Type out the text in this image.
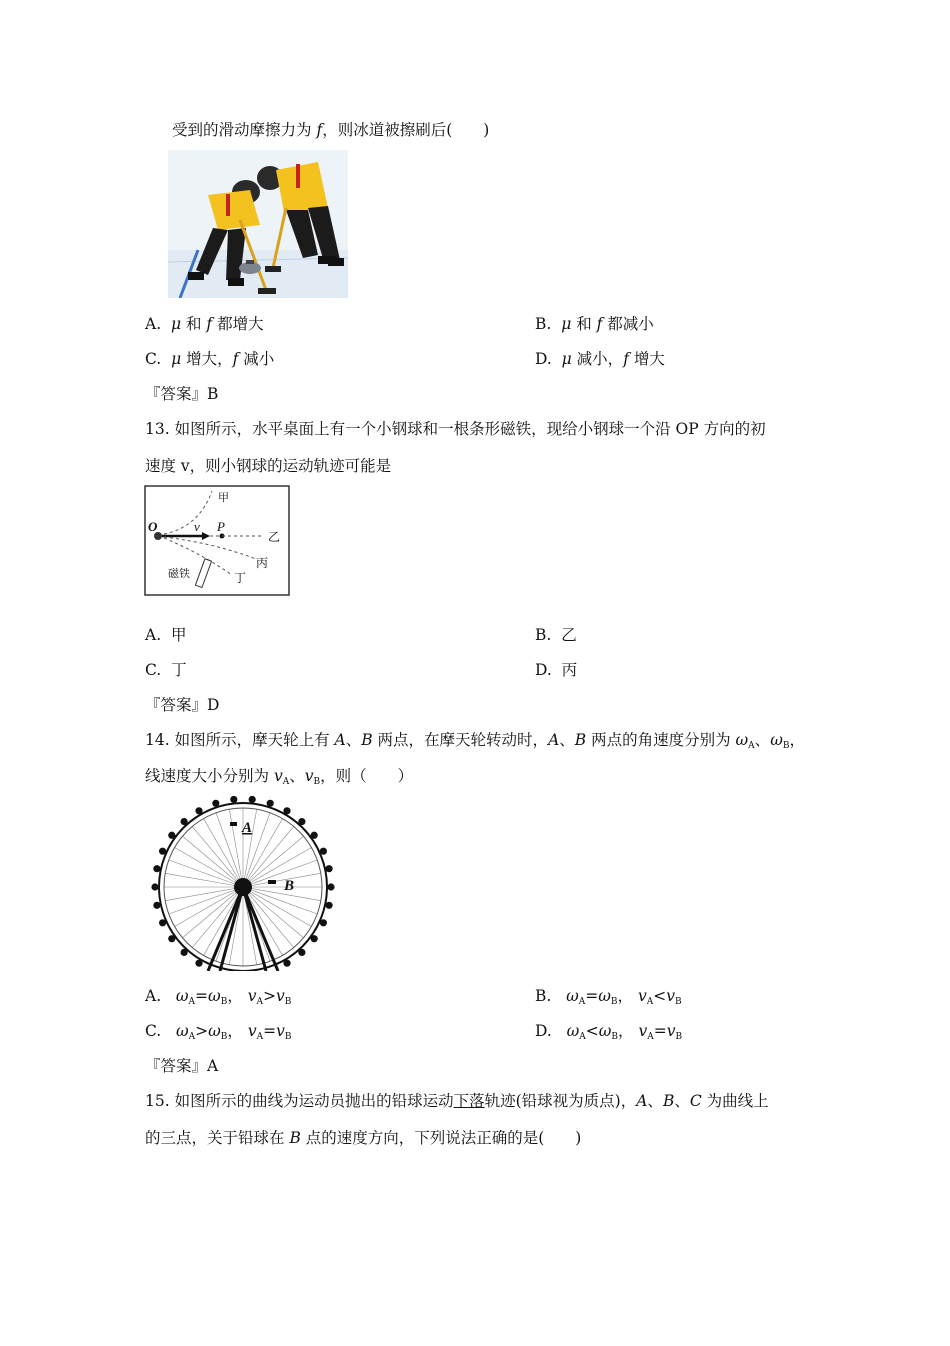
受到的滑动摩擦力为 f，则冰道被擦刷后(　　)
A. μ 和 f 都增大	B. μ 和 f 都减小
C. μ 增大，f 减小	D. μ 减小，f 增大
『答案』B
13. 如图所示，水平桌面上有一个小钢球和一根条形磁铁，现给小钢球一个沿 OP 方向的初
速度 v，则小钢球的运动轨迹可能是
O	v P
甲
乙
丙
丁
磁铁
A. 甲	B. 乙
C. 丁	D. 丙
『答案』D
14. 如图所示，摩天轮上有 A、B 两点，在摩天轮转动时，A、B 两点的角速度分别为 $\omega_A$、$\omega_B$，
线速度大小分别为 $v_A$、$v_B$，则（　　）
A
B
A. $\omega_A=\omega_B$， $v_A>v_B$	B. $\omega_A=\omega_B$， $v_A<v_B$
C. $\omega_A>\omega_B$， $v_A=v_B$	D. $\omega_A<\omega_B$， $v_A=v_B$
『答案』A
15. 如图所示的曲线为运动员抛出的铅球运动下落轨迹(铅球视为质点)，A、B、C 为曲线上
的三点，关于铅球在 B 点的速度方向，下列说法正确的是(　　)
